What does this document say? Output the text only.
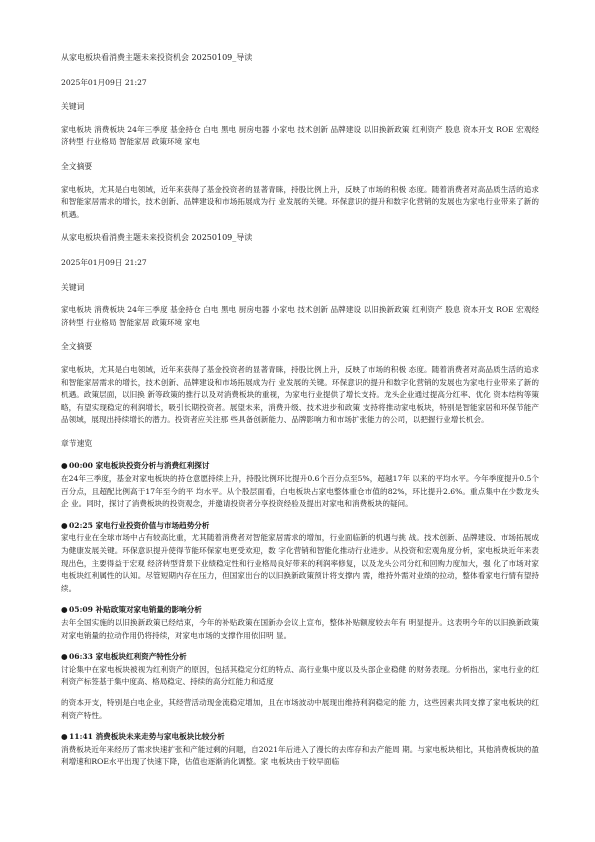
从家电板块看消费主题未来投资机会 20250109_导读

2025年01月09日 21:27

关键词

家电板块 消费板块 24年三季度 基金持仓 白电 黑电 厨房电器 小家电 技术创新 品牌建设 以旧换新政策 红利资产 股息 资本开支 ROE 宏观经济转型 行业格局 智能家居 政策环境 家电

全文摘要

家电板块，尤其是白电领域，近年来获得了基金投资者的显著青睐，持股比例上升，反映了市场的积极 态度。随着消费者对高品质生活的追求和智能家居需求的增长，技术创新、品牌建设和市场拓展成为行 业发展的关键。环保意识的提升和数字化营销的发展也为家电行业带来了新的机遇。

从家电板块看消费主题未来投资机会 20250109_导读

2025年01月09日 21:27

关键词

家电板块 消费板块 24年三季度 基金持仓 白电 黑电 厨房电器 小家电 技术创新 品牌建设 以旧换新政策 红利资产 股息 资本开支 ROE 宏观经济转型 行业格局 智能家居 政策环境 家电

全文摘要

家电板块，尤其是白电领域，近年来获得了基金投资者的显著青睐，持股比例上升，反映了市场的积极 态度。随着消费者对高品质生活的追求和智能家居需求的增长，技术创新、品牌建设和市场拓展成为行 业发展的关键。环保意识的提升和数字化营销的发展也为家电行业带来了新的机遇。政策层面，以旧换 新等政策的推行以及对消费板块的重视，为家电行业提供了增长支持。龙头企业通过提高分红率、优化 资本结构等策略，有望实现稳定的利润增长，吸引长期投资者。展望未来，消费升级、技术进步和政策 支持将推动家电板块，特别是智能家居和环保节能产品领域，展现出持续增长的潜力。投资者应关注那 些具备创新能力、品牌影响力和市场扩张能力的公司，以把握行业增长机会。

章节速览

●00:00 家电板块投资分析与消费红利探讨

在24年三季度，基金对家电板块的持仓意愿持续上升，持股比例环比提升0.6个百分点至5%，超越17年 以来的平均水平。今年季度提升0.5个百分点，且超配比例高于17年至今的平 均水平。从个股层面看，白电板块占家电整体重仓市值的82%，环比提升2.6%。重点集中在少数龙头企 业。同时，探讨了消费板块的投资观念，并邀请投资者分享投资经验及提出对家电和消费板块的疑问。

●02:25 家电行业投资价值与市场趋势分析

家电行业在全球市场中占有较高比重，尤其随着消费者对智能家居需求的增加，行业面临新的机遇与挑 战。技术创新、品牌建设、市场拓展成为健康发展关键。环保意识提升使得节能环保家电更受欢迎，数 字化营销和智能化推动行业进步。从投资和宏观角度分析，家电板块近年来表现出色，主要得益于宏观 经济转型背景下业绩稳定性和行业格局良好带来的利润率修复，以及龙头公司分红和回购力度加大，强 化了市场对家电板块红利属性的认知。尽管短期内存在压力，但国家出台的以旧换新政策预计将支撑内 需，维持外需对业绩的拉动，整体看家电行情有望持续。

●05:09 补贴政策对家电销量的影响分析

去年全国实施的以旧换新政策已经结束，今年的补贴政策在国新办会议上宣布，整体补贴额度较去年有 明显提升。这表明今年的以旧换新政策对家电销量的拉动作用仍将持续，对家电市场的支撑作用依旧明 显。

●06:33 家电板块红利资产特性分析

讨论集中在家电板块被视为红利资产的原因，包括其稳定分红的特点、高行业集中度以及头部企业稳健 的财务表现。分析指出，家电行业的红利资产标签基于集中度高、格局稳定、持续的高分红能力和适度

的资本开支，特别是白电企业，其经营活动现金流稳定增加，且在市场波动中展现出维持利润稳定的能 力，这些因素共同支撑了家电板块的红利资产特性。

●11:41 消费板块未来走势与家电板块比较分析

消费板块近年来经历了需求快速扩张和产能过剩的问题，自2021年后进入了漫长的去库存和去产能周 期。与家电板块相比，其他消费板块的盈利增速和ROE水平出现了快速下降，估值也逐渐消化调整。家 电板块由于较早面临
